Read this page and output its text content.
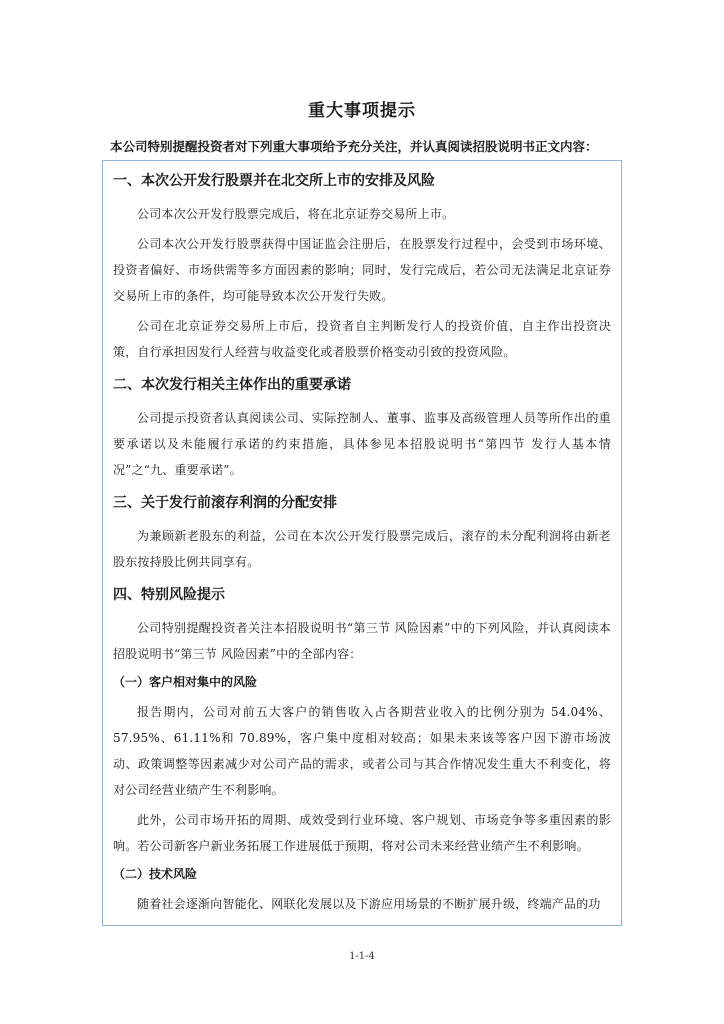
重大事项提示
本公司特别提醒投资者对下列重大事项给予充分关注，并认真阅读招股说明书正文内容：
一、本次公开发行股票并在北交所上市的安排及风险

公司本次公开发行股票完成后，将在北京证券交易所上市。

公司本次公开发行股票获得中国证监会注册后，在股票发行过程中，会受到市场环境、投资者偏好、市场供需等多方面因素的影响；同时，发行完成后，若公司无法满足北京证券交易所上市的条件，均可能导致本次公开发行失败。

公司在北京证券交易所上市后，投资者自主判断发行人的投资价值，自主作出投资决策，自行承担因发行人经营与收益变化或者股票价格变动引致的投资风险。

二、本次发行相关主体作出的重要承诺

公司提示投资者认真阅读公司、实际控制人、董事、监事及高级管理人员等所作出的重要承诺以及未能履行承诺的约束措施，具体参见本招股说明书“第四节 发行人基本情况”之“九、重要承诺”。

三、关于发行前滚存利润的分配安排

为兼顾新老股东的利益，公司在本次公开发行股票完成后，滚存的未分配利润将由新老股东按持股比例共同享有。

四、特别风险提示

公司特别提醒投资者关注本招股说明书“第三节 风险因素”中的下列风险，并认真阅读本招股说明书“第三节 风险因素”中的全部内容：

（一）客户相对集中的风险

报告期内，公司对前五大客户的销售收入占各期营业收入的比例分别为 54.04%、57.95%、61.11%和 70.89%，客户集中度相对较高；如果未来该等客户因下游市场波动、政策调整等因素减少对公司产品的需求，或者公司与其合作情况发生重大不利变化，将对公司经营业绩产生不利影响。

此外，公司市场开拓的周期、成效受到行业环境、客户规划、市场竞争等多重因素的影响。若公司新客户新业务拓展工作进展低于预期，将对公司未来经营业绩产生不利影响。

（二）技术风险

随着社会逐渐向智能化、网联化发展以及下游应用场景的不断扩展升级，终端产品的功

1-1-4
